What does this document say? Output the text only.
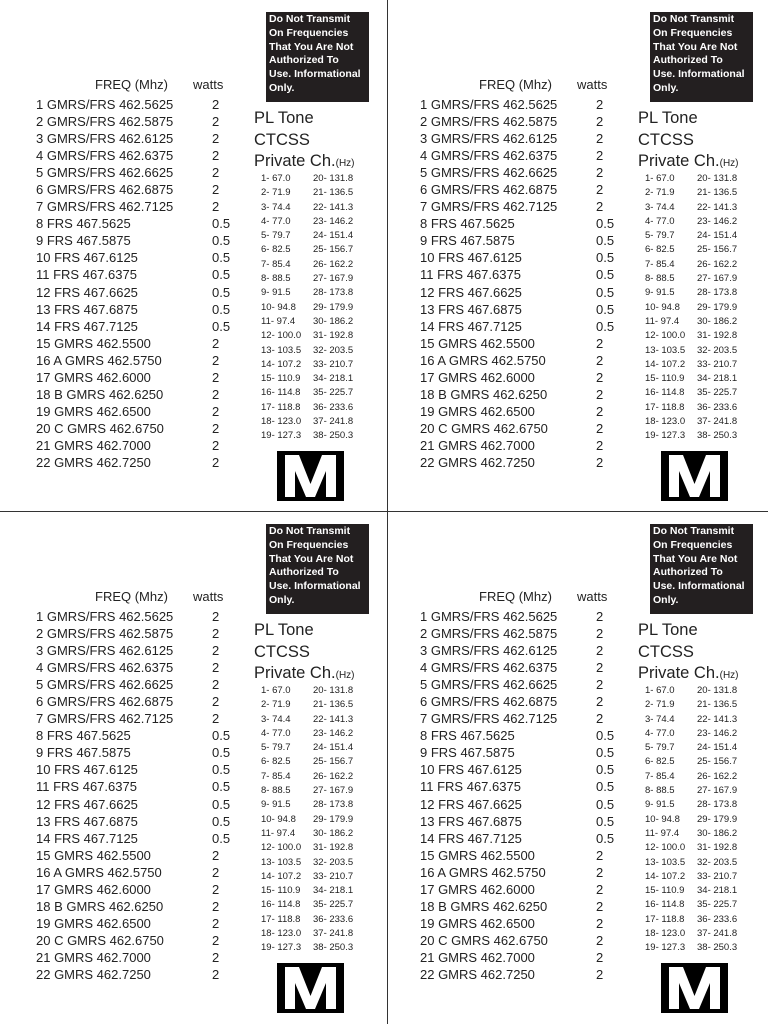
Do Not Transmit
On Frequencies
That You Are Not
Authorized To
Use. Informational
Only.
FREQ (Mhz) watts
1 GMRS/FRS 462.5625	2
2 GMRS/FRS 462.5875	2
3 GMRS/FRS 462.6125	2
4 GMRS/FRS 462.6375	2
5 GMRS/FRS 462.6625	2
6 GMRS/FRS 462.6875	2
7 GMRS/FRS 462.7125	2
8 FRS 467.5625	0.5
9 FRS 467.5875	0.5
10 FRS 467.6125	0.5
11 FRS 467.6375	0.5
12 FRS 467.6625	0.5
13 FRS 467.6875	0.5
14 FRS 467.7125	0.5
15 GMRS 462.5500	2
16 A GMRS 462.5750	2
17 GMRS 462.6000	2
18 B GMRS 462.6250	2
19 GMRS 462.6500	2
20 C GMRS 462.6750	2
21 GMRS 462.7000	2
22 GMRS 462.7250	2
PL Tone
CTCSS
Private Ch.(Hz)
1- 67.0 20- 131.8
2- 71.9 21- 136.5
3- 74.4 22- 141.3
4- 77.0 23- 146.2
5- 79.7 24- 151.4
6- 82.5 25- 156.7
7- 85.4 26- 162.2
8- 88.5 27- 167.9
9- 91.5 28- 173.8
10- 94.8 29- 179.9
11- 97.4 30- 186.2
12- 100.0 31- 192.8
13- 103.5 32- 203.5
14- 107.2 33- 210.7
15- 110.9 34- 218.1
16- 114.8 35- 225.7
17- 118.8 36- 233.6
18- 123.0 37- 241.8
19- 127.3 38- 250.3
Do Not Transmit
On Frequencies
That You Are Not
Authorized To
Use. Informational
Only.
FREQ (Mhz) watts
1 GMRS/FRS 462.5625	2
2 GMRS/FRS 462.5875	2
3 GMRS/FRS 462.6125	2
4 GMRS/FRS 462.6375	2
5 GMRS/FRS 462.6625	2
6 GMRS/FRS 462.6875	2
7 GMRS/FRS 462.7125	2
8 FRS 467.5625	0.5
9 FRS 467.5875	0.5
10 FRS 467.6125	0.5
11 FRS 467.6375	0.5
12 FRS 467.6625	0.5
13 FRS 467.6875	0.5
14 FRS 467.7125	0.5
15 GMRS 462.5500	2
16 A GMRS 462.5750	2
17 GMRS 462.6000	2
18 B GMRS 462.6250	2
19 GMRS 462.6500	2
20 C GMRS 462.6750	2
21 GMRS 462.7000	2
22 GMRS 462.7250	2
PL Tone
CTCSS
Private Ch.(Hz)
1- 67.0 20- 131.8
2- 71.9 21- 136.5
3- 74.4 22- 141.3
4- 77.0 23- 146.2
5- 79.7 24- 151.4
6- 82.5 25- 156.7
7- 85.4 26- 162.2
8- 88.5 27- 167.9
9- 91.5 28- 173.8
10- 94.8 29- 179.9
11- 97.4 30- 186.2
12- 100.0 31- 192.8
13- 103.5 32- 203.5
14- 107.2 33- 210.7
15- 110.9 34- 218.1
16- 114.8 35- 225.7
17- 118.8 36- 233.6
18- 123.0 37- 241.8
19- 127.3 38- 250.3
Do Not Transmit
On Frequencies
That You Are Not
Authorized To
Use. Informational
Only.
FREQ (Mhz) watts
1 GMRS/FRS 462.5625	2
2 GMRS/FRS 462.5875	2
3 GMRS/FRS 462.6125	2
4 GMRS/FRS 462.6375	2
5 GMRS/FRS 462.6625	2
6 GMRS/FRS 462.6875	2
7 GMRS/FRS 462.7125	2
8 FRS 467.5625	0.5
9 FRS 467.5875	0.5
10 FRS 467.6125	0.5
11 FRS 467.6375	0.5
12 FRS 467.6625	0.5
13 FRS 467.6875	0.5
14 FRS 467.7125	0.5
15 GMRS 462.5500	2
16 A GMRS 462.5750	2
17 GMRS 462.6000	2
18 B GMRS 462.6250	2
19 GMRS 462.6500	2
20 C GMRS 462.6750	2
21 GMRS 462.7000	2
22 GMRS 462.7250	2
PL Tone
CTCSS
Private Ch.(Hz)
1- 67.0 20- 131.8
2- 71.9 21- 136.5
3- 74.4 22- 141.3
4- 77.0 23- 146.2
5- 79.7 24- 151.4
6- 82.5 25- 156.7
7- 85.4 26- 162.2
8- 88.5 27- 167.9
9- 91.5 28- 173.8
10- 94.8 29- 179.9
11- 97.4 30- 186.2
12- 100.0 31- 192.8
13- 103.5 32- 203.5
14- 107.2 33- 210.7
15- 110.9 34- 218.1
16- 114.8 35- 225.7
17- 118.8 36- 233.6
18- 123.0 37- 241.8
19- 127.3 38- 250.3
Do Not Transmit
On Frequencies
That You Are Not
Authorized To
Use. Informational
Only.
FREQ (Mhz) watts
1 GMRS/FRS 462.5625	2
2 GMRS/FRS 462.5875	2
3 GMRS/FRS 462.6125	2
4 GMRS/FRS 462.6375	2
5 GMRS/FRS 462.6625	2
6 GMRS/FRS 462.6875	2
7 GMRS/FRS 462.7125	2
8 FRS 467.5625	0.5
9 FRS 467.5875	0.5
10 FRS 467.6125	0.5
11 FRS 467.6375	0.5
12 FRS 467.6625	0.5
13 FRS 467.6875	0.5
14 FRS 467.7125	0.5
15 GMRS 462.5500	2
16 A GMRS 462.5750	2
17 GMRS 462.6000	2
18 B GMRS 462.6250	2
19 GMRS 462.6500	2
20 C GMRS 462.6750	2
21 GMRS 462.7000	2
22 GMRS 462.7250	2
PL Tone
CTCSS
Private Ch.(Hz)
1- 67.0 20- 131.8
2- 71.9 21- 136.5
3- 74.4 22- 141.3
4- 77.0 23- 146.2
5- 79.7 24- 151.4
6- 82.5 25- 156.7
7- 85.4 26- 162.2
8- 88.5 27- 167.9
9- 91.5 28- 173.8
10- 94.8 29- 179.9
11- 97.4 30- 186.2
12- 100.0 31- 192.8
13- 103.5 32- 203.5
14- 107.2 33- 210.7
15- 110.9 34- 218.1
16- 114.8 35- 225.7
17- 118.8 36- 233.6
18- 123.0 37- 241.8
19- 127.3 38- 250.3
